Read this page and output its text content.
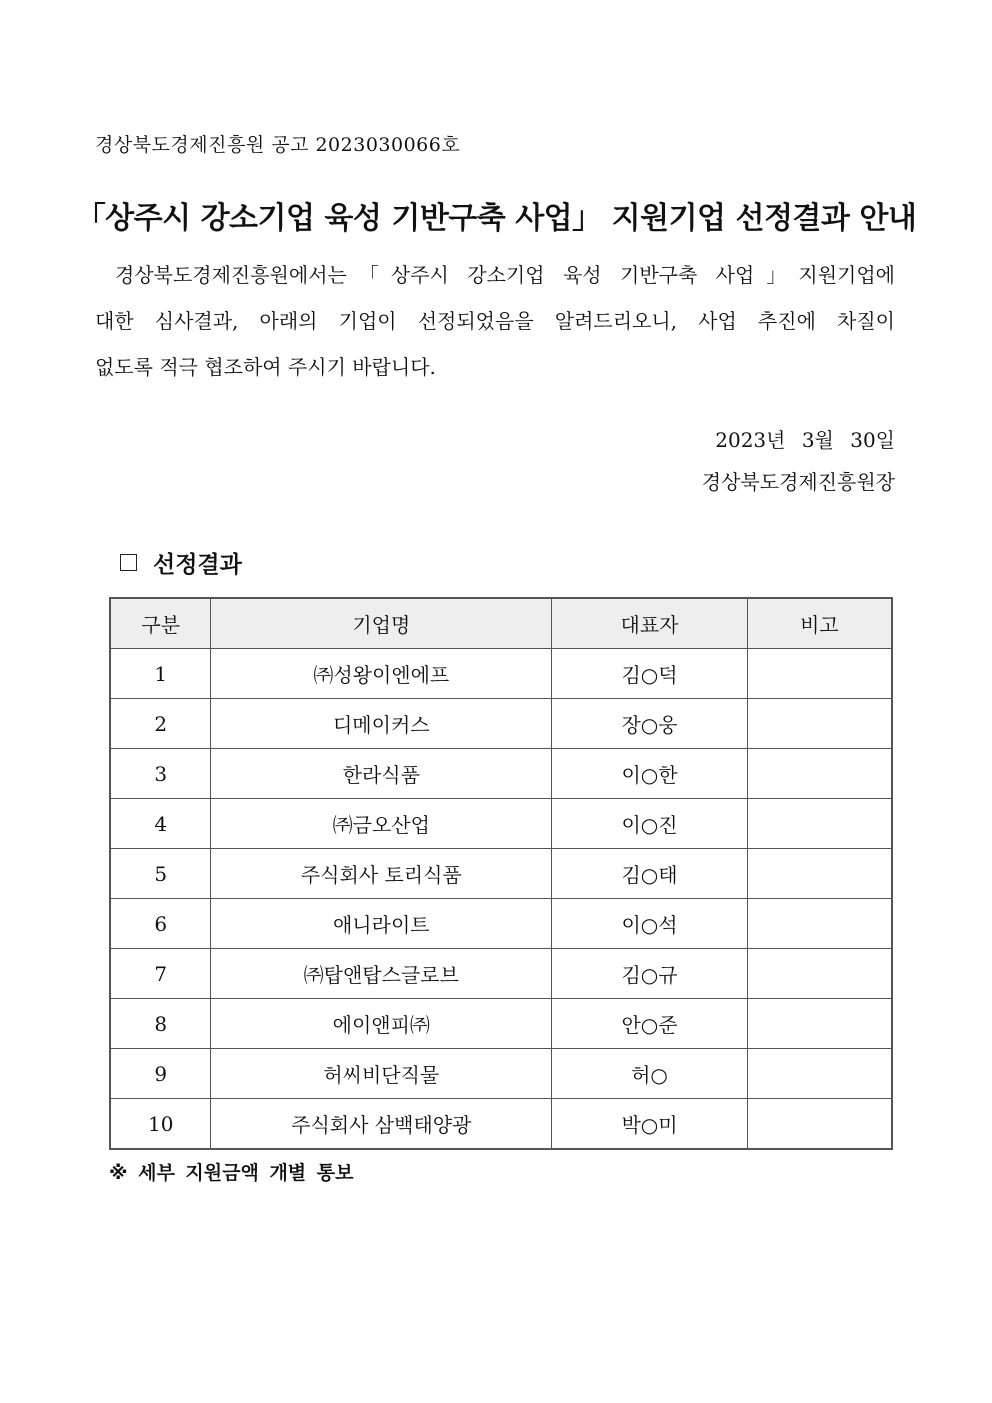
경상북도경제진흥원 공고 2023030066호
「상주시 강소기업 육성 기반구축 사업」 지원기업 선정결과 안내
경상북도경제진흥원에서는「상주시 강소기업 육성 기반구축 사업」지원기업에
대한 심사결과, 아래의 기업이 선정되었음을 알려드리오니, 사업 추진에 차질이
없도록 적극 협조하여 주시기 바랍니다.
2023년 3월 30일
경상북도경제진흥원장
선정결과
구분	기업명	대표자	비고
1	㈜성왕이엔에프	김○덕	
2	디메이커스	장○웅	
3	한라식품	이○한	
4	㈜금오산업	이○진	
5	주식회사 토리식품	김○태	
6	애니라이트	이○석	
7	㈜탑앤탑스글로브	김○규	
8	에이앤피㈜	안○준	
9	허씨비단직물	허○	
10	주식회사 삼백태양광	박○미	
※ 세부 지원금액 개별 통보
